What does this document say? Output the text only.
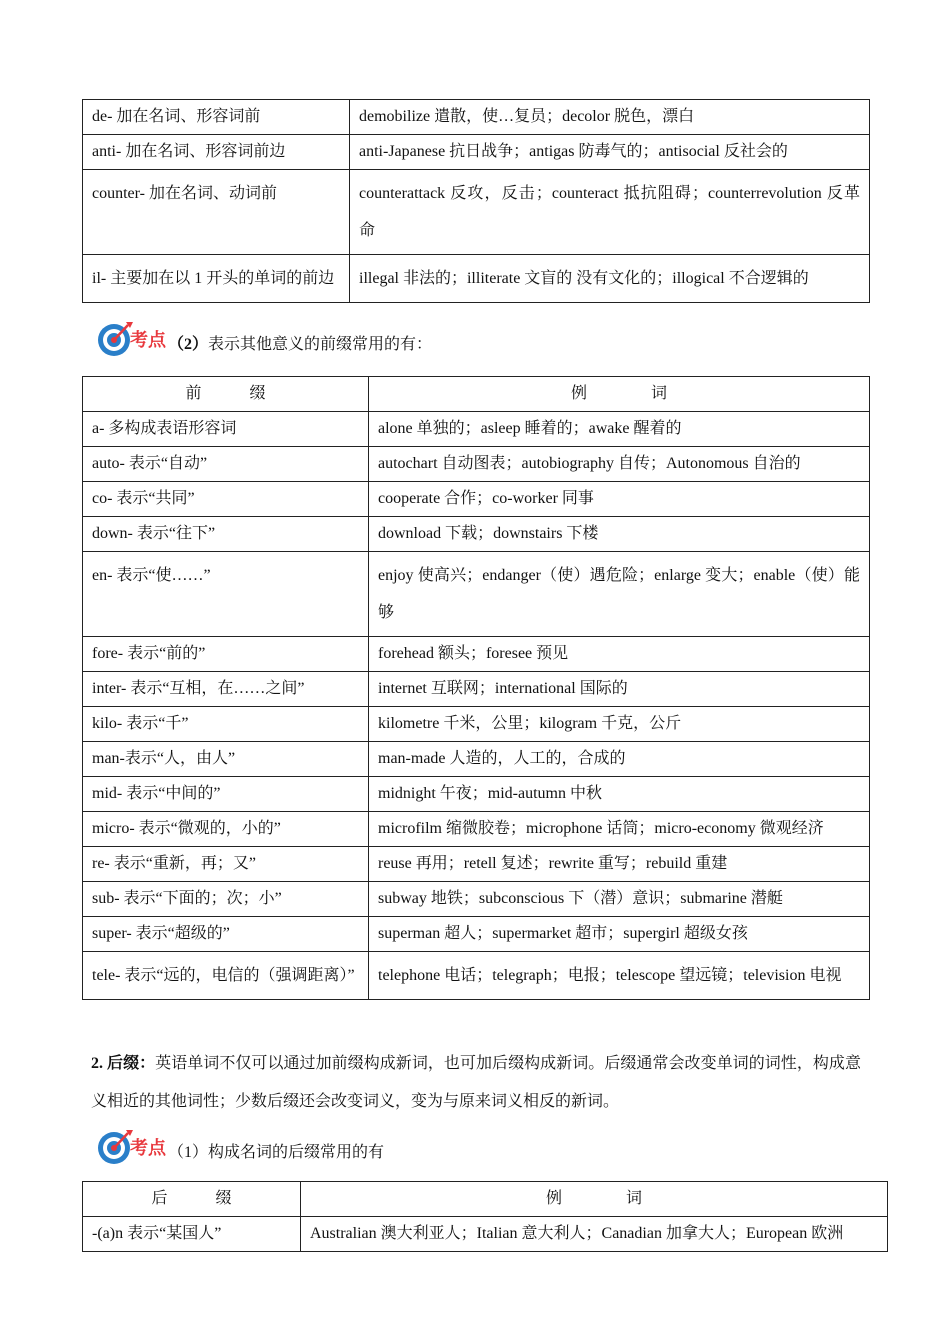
de- 加在名词、形容词前	demobilize 遣散，使…复员；decolor 脱色，漂白
anti- 加在名词、形容词前边	anti-Japanese 抗日战争；antigas 防毒气的；antisocial 反社会的
counter- 加在名词、动词前	counterattack 反攻，反击；counteract 抵抗阻碍；counterrevolution 反革命
il- 主要加在以 1 开头的单词的前边	illegal 非法的；illiterate 文盲的 没有文化的；illogical 不合逻辑的
考点 （2）表示其他意义的前缀常用的有：
前 缀	例 词
a- 多构成表语形容词	alone 单独的；asleep 睡着的；awake 醒着的
auto- 表示“自动”	autochart 自动图表；autobiography 自传；Autonomous 自治的
co- 表示“共同”	cooperate 合作；co-worker 同事
down- 表示“往下”	download 下载；downstairs 下楼
en- 表示“使……”	enjoy 使高兴；endanger（使）遇危险；enlarge 变大；enable（使）能够
fore- 表示“前的”	forehead 额头；foresee 预见
inter- 表示“互相，在……之间”	internet 互联网；international 国际的
kilo- 表示“千”	kilometre 千米，公里；kilogram 千克，公斤
man-表示“人，由人”	man-made 人造的，人工的，合成的
mid- 表示“中间的”	midnight 午夜；mid-autumn 中秋
micro- 表示“微观的，小的”	microfilm 缩微胶卷；microphone 话筒；micro-economy 微观经济
re- 表示“重新，再；又”	reuse 再用；retell 复述；rewrite 重写；rebuild 重建
sub- 表示“下面的；次；小”	subway 地铁；subconscious 下（潜）意识；submarine 潜艇
super- 表示“超级的”	superman 超人；supermarket 超市；supergirl 超级女孩
tele- 表示“远的，电信的（强调距离）”	telephone 电话；telegraph；电报；telescope 望远镜；television 电视
2. 后缀：英语单词不仅可以通过加前缀构成新词，也可加后缀构成新词。后缀通常会改变单词的词性，构成意义相近的其他词性；少数后缀还会改变词义，变为与原来词义相反的新词。
考点 （1）构成名词的后缀常用的有
后 缀	例 词
-(a)n 表示“某国人”	Australian 澳大利亚人；Italian 意大利人；Canadian 加拿大人；European 欧洲
